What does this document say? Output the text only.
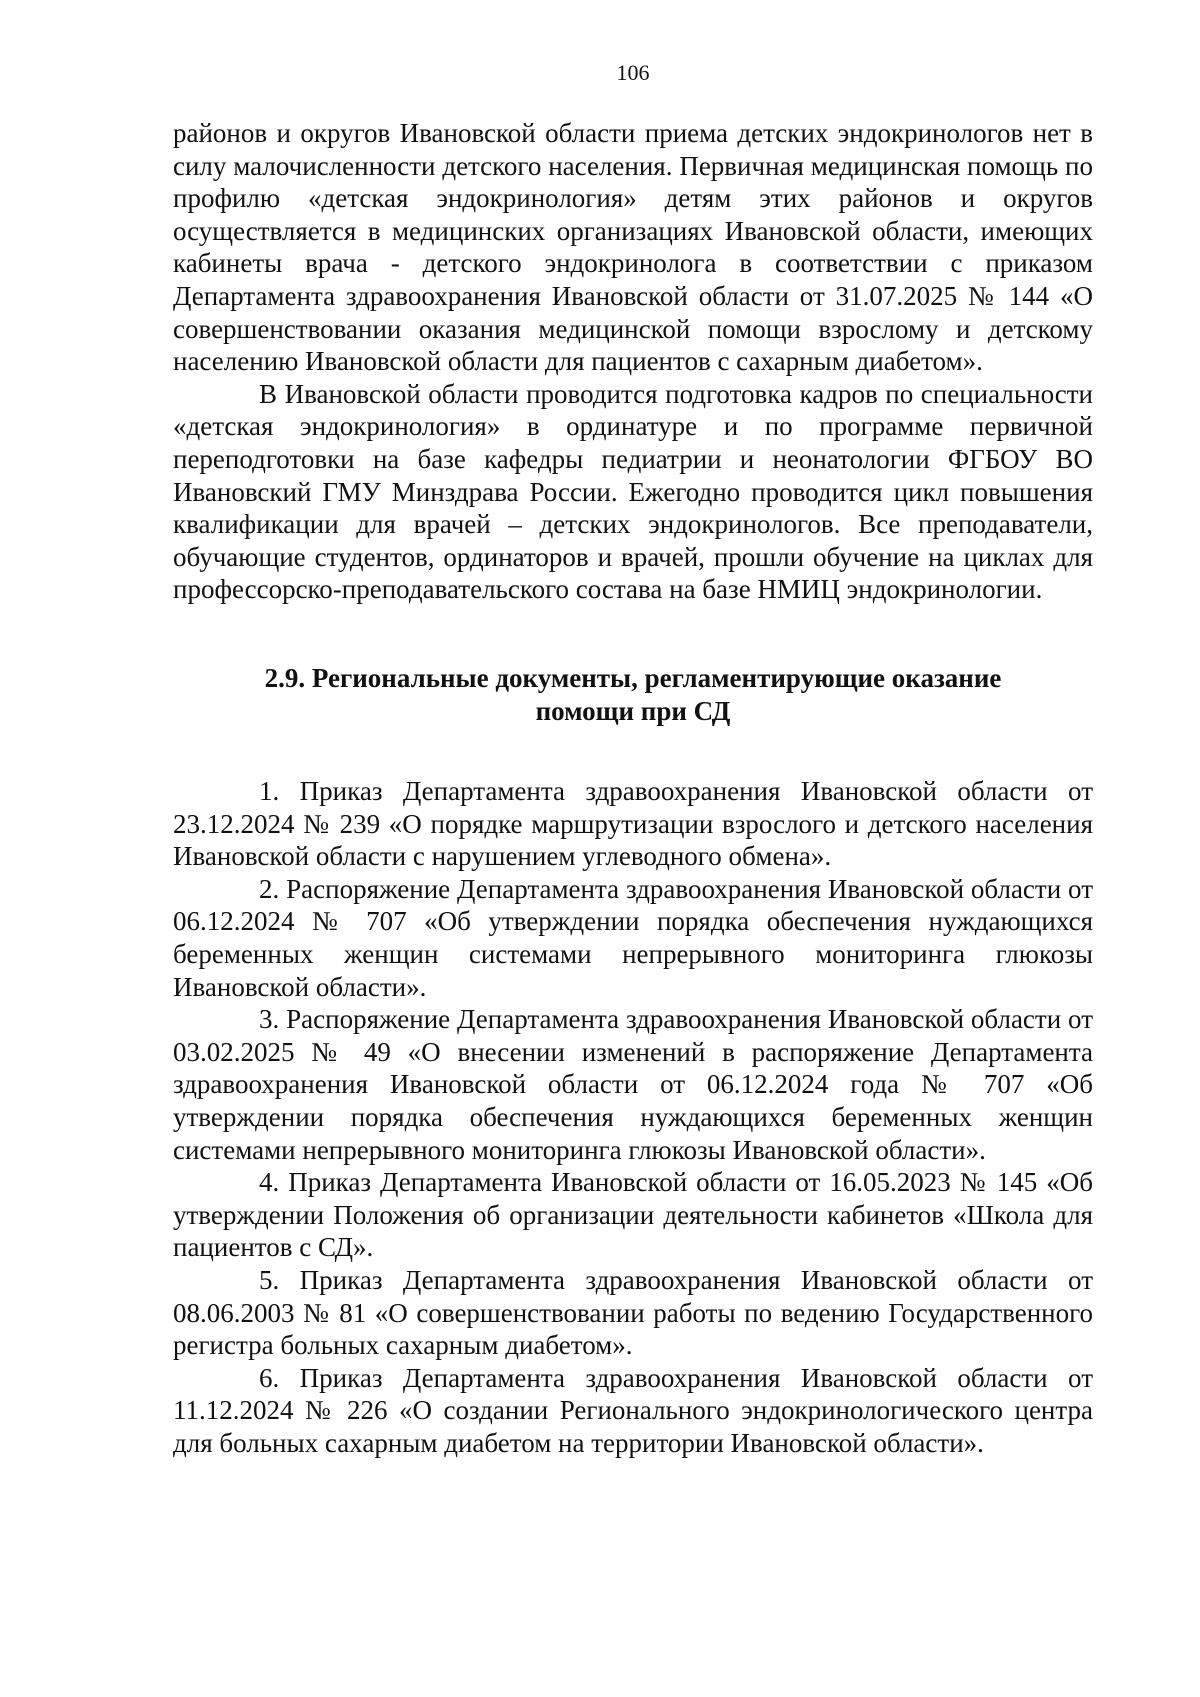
106

районов и округов Ивановской области приема детских эндокринологов нет в силу малочисленности детского населения. Первичная медицинская помощь по профилю «детская эндокринология» детям этих районов и округов осуществляется в медицинских организациях Ивановской области, имеющих кабинеты врача - детского эндокринолога в соответствии с приказом Департамента здравоохранения Ивановской области от 31.07.2025 № 144 «О совершенствовании оказания медицинской помощи взрослому и детскому населению Ивановской области для пациентов с сахарным диабетом».

В Ивановской области проводится подготовка кадров по специальности «детская эндокринология» в ординатуре и по программе первичной переподготовки на базе кафедры педиатрии и неонатологии ФГБОУ ВО Ивановский ГМУ Минздрава России. Ежегодно проводится цикл повышения квалификации для врачей – детских эндокринологов. Все преподаватели, обучающие студентов, ординаторов и врачей, прошли обучение на циклах для профессорско-преподавательского состава на базе НМИЦ эндокринологии.

2.9. Региональные документы, регламентирующие оказание помощи при СД

1. Приказ Департамента здравоохранения Ивановской области от 23.12.2024 № 239 «О порядке маршрутизации взрослого и детского населения Ивановской области с нарушением углеводного обмена».

2. Распоряжение Департамента здравоохранения Ивановской области от 06.12.2024 № 707 «Об утверждении порядка обеспечения нуждающихся беременных женщин системами непрерывного мониторинга глюкозы Ивановской области».

3. Распоряжение Департамента здравоохранения Ивановской области от 03.02.2025 № 49 «О внесении изменений в распоряжение Департамента здравоохранения Ивановской области от 06.12.2024 года № 707 «Об утверждении порядка обеспечения нуждающихся беременных женщин системами непрерывного мониторинга глюкозы Ивановской области».

4. Приказ Департамента Ивановской области от 16.05.2023 № 145 «Об утверждении Положения об организации деятельности кабинетов «Школа для пациентов с СД».

5. Приказ Департамента здравоохранения Ивановской области от 08.06.2003 № 81 «О совершенствовании работы по ведению Государственного регистра больных сахарным диабетом».

6. Приказ Департамента здравоохранения Ивановской области от 11.12.2024 № 226 «О создании Регионального эндокринологического центра для больных сахарным диабетом на территории Ивановской области».
